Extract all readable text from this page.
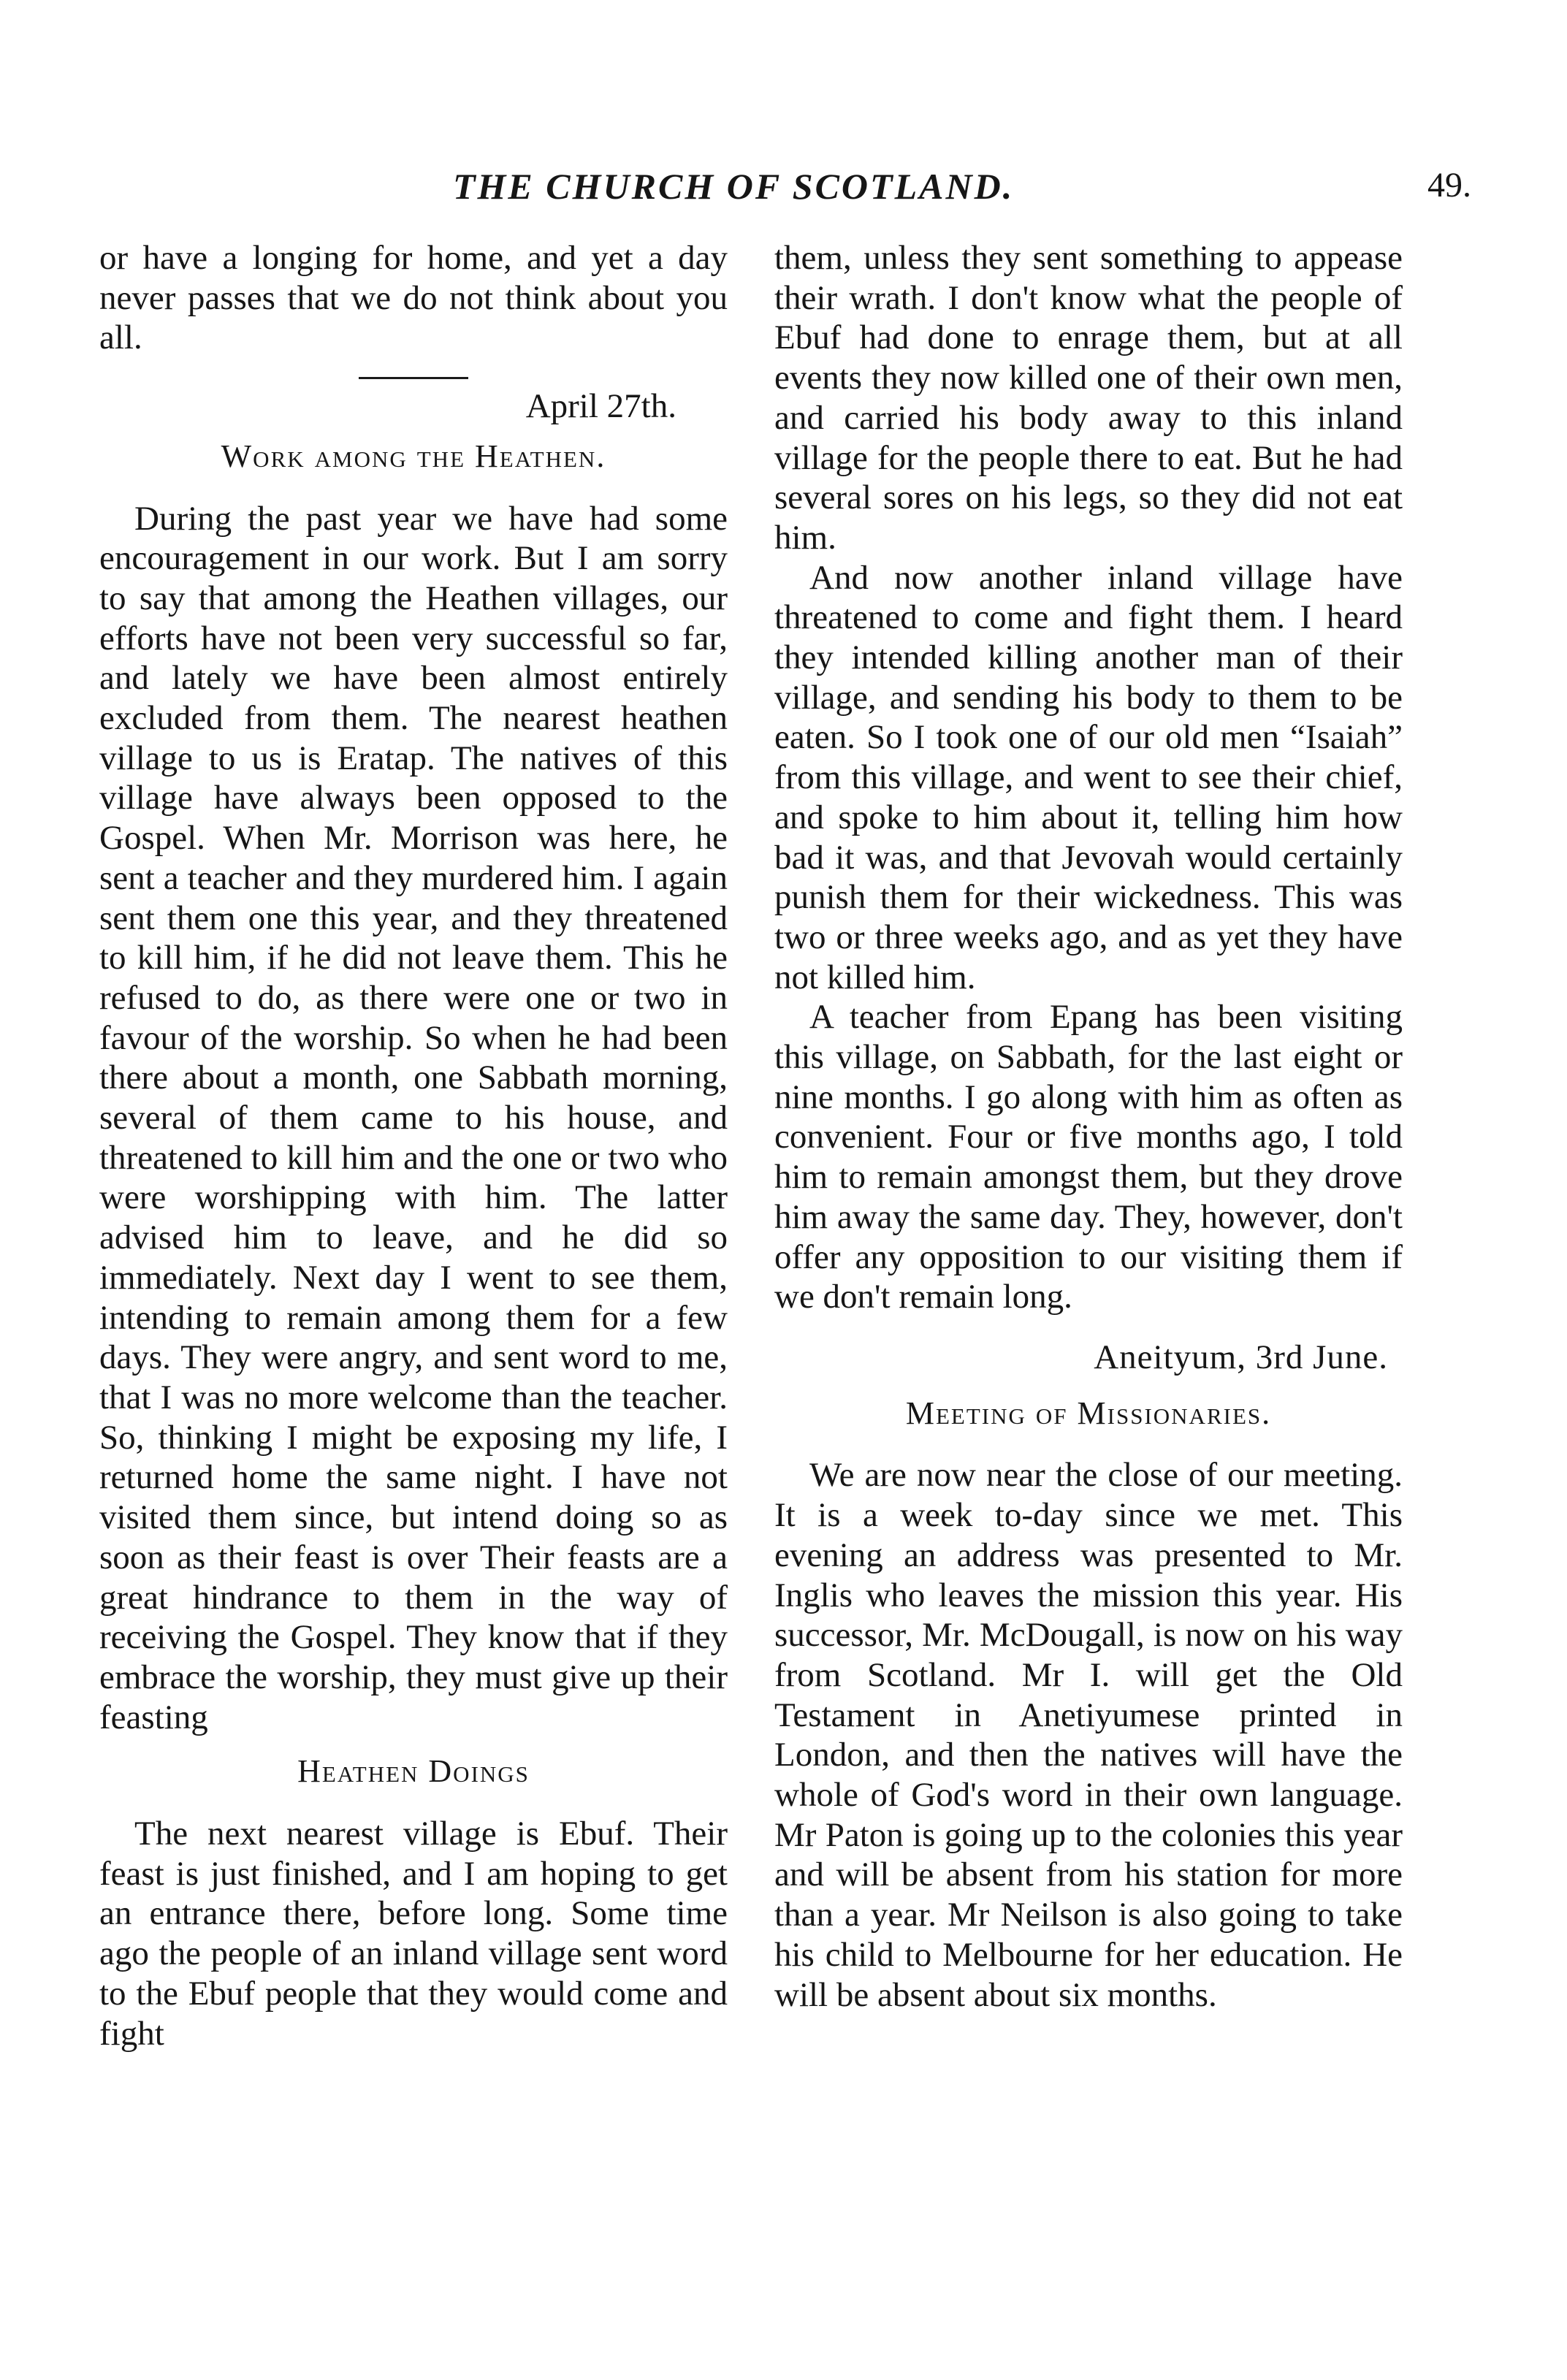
THE CHURCH OF SCOTLAND.	49.

or have a longing for home, and yet a day never passes that we do not think about you all.

April 27th.

Work among the Heathen.

During the past year we have had some encouragement in our work. But I am sorry to say that among the Heathen villages, our efforts have not been very successful so far, and lately we have been almost entirely excluded from them. The nearest heathen village to us is Eratap. The natives of this village have always been opposed to the Gospel. When Mr. Morrison was here, he sent a teacher and they murdered him. I again sent them one this year, and they threatened to kill him, if he did not leave them. This he refused to do, as there were one or two in favour of the worship. So when he had been there about a month, one Sabbath morning, several of them came to his house, and threatened to kill him and the one or two who were worshipping with him. The latter advised him to leave, and he did so immediately. Next day I went to see them, intending to remain among them for a few days. They were angry, and sent word to me, that I was no more welcome than the teacher. So, thinking I might be exposing my life, I returned home the same night. I have not visited them since, but intend doing so as soon as their feast is over Their feasts are a great hindrance to them in the way of receiving the Gospel. They know that if they embrace the worship, they must give up their feasting

Heathen Doings

The next nearest village is Ebuf. Their feast is just finished, and I am hoping to get an entrance there, before long. Some time ago the people of an inland village sent word to the Ebuf people that they would come and fight

them, unless they sent something to appease their wrath. I don't know what the people of Ebuf had done to enrage them, but at all events they now killed one of their own men, and carried his body away to this inland village for the people there to eat. But he had several sores on his legs, so they did not eat him.

And now another inland village have threatened to come and fight them. I heard they intended killing another man of their village, and sending his body to them to be eaten. So I took one of our old men “Isaiah” from this village, and went to see their chief, and spoke to him about it, telling him how bad it was, and that Jevovah would certainly punish them for their wickedness. This was two or three weeks ago, and as yet they have not killed him.

A teacher from Epang has been visiting this village, on Sabbath, for the last eight or nine months. I go along with him as often as convenient. Four or five months ago, I told him to remain amongst them, but they drove him away the same day. They, however, don't offer any opposition to our visiting them if we don't remain long.

Aneityum, 3rd June.

Meeting of Missionaries.

We are now near the close of our meeting. It is a week to-day since we met. This evening an address was presented to Mr. Inglis who leaves the mission this year. His successor, Mr. McDougall, is now on his way from Scotland. Mr I. will get the Old Testament in Anetiyumese printed in London, and then the natives will have the whole of God's word in their own language. Mr Paton is going up to the colonies this year and will be absent from his station for more than a year. Mr Neilson is also going to take his child to Melbourne for her education. He will be absent about six months.
